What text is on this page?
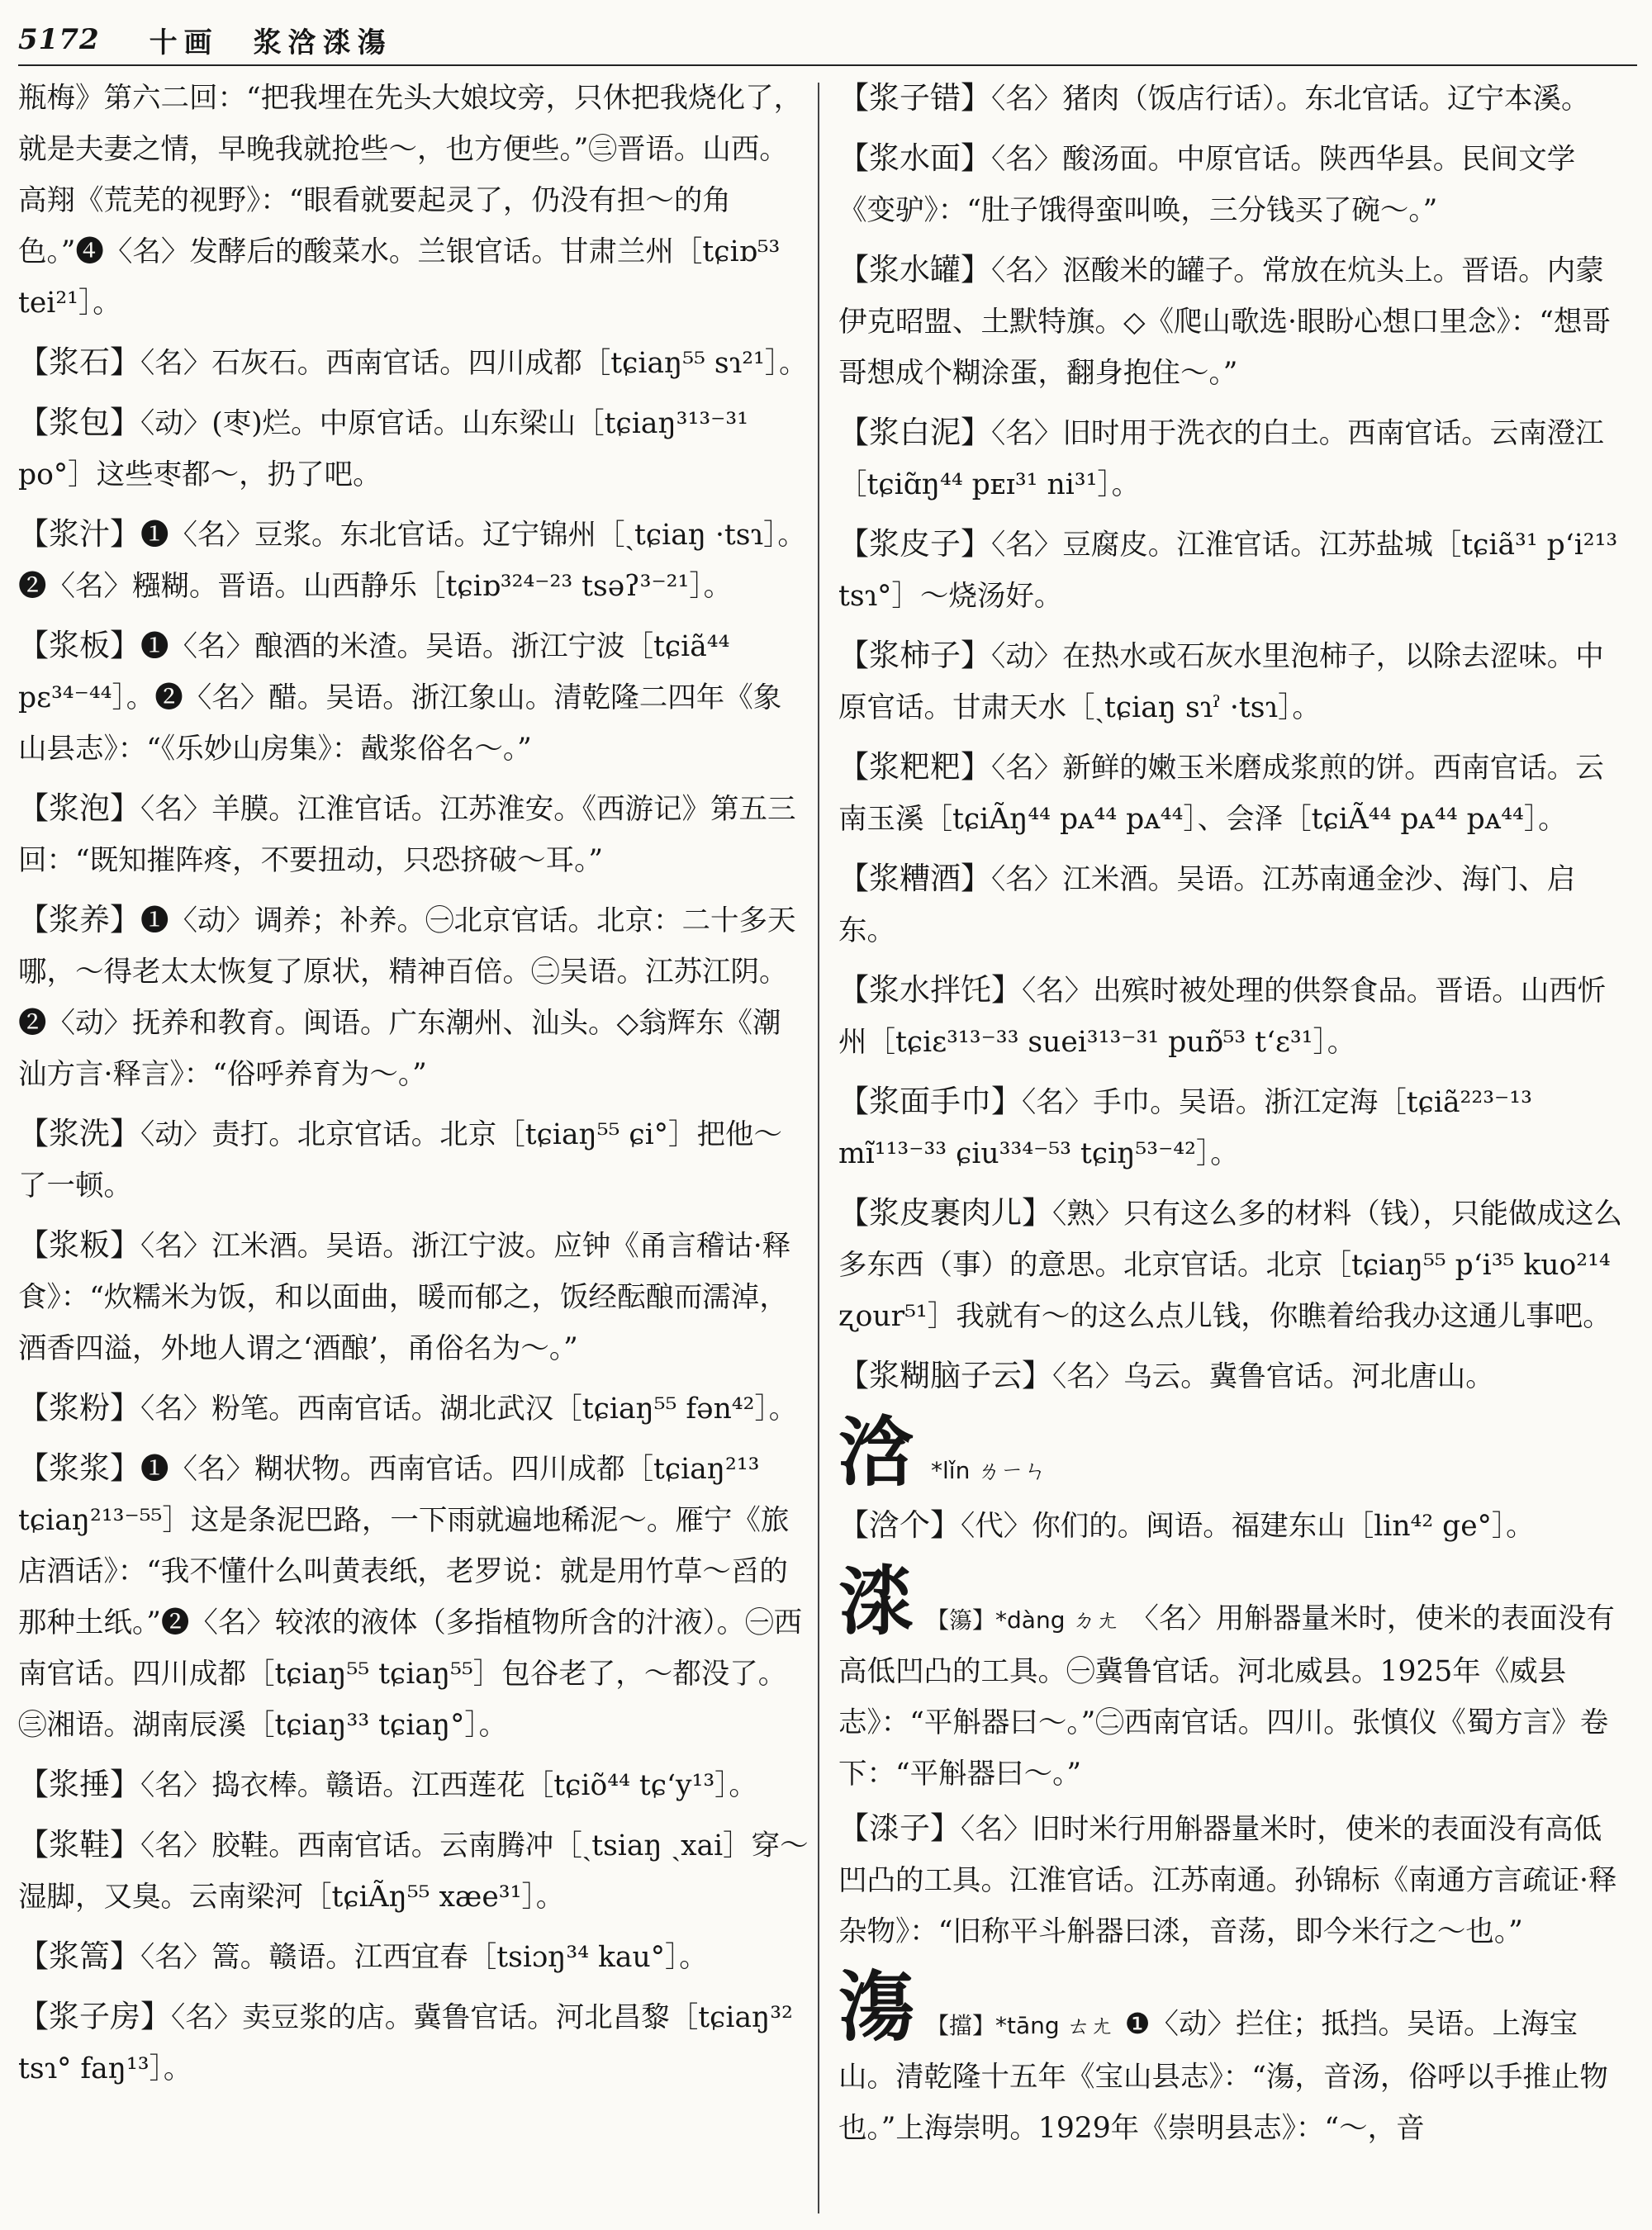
5172 十画　浆浛渁漡

瓶梅》第六二回：“把我埋在先头大娘坟旁，只休把我烧化了，就是夫妻之情，早晚我就抢些～，也方便些。”㊂晋语。山西。高翔《荒芜的视野》：“眼看就要起灵了，仍没有担～的角色。”❹〈名〉发酵后的酸菜水。兰银官话。甘肃兰州［tɕiɒ⁵³ tei²¹］。

【浆石】〈名〉石灰石。西南官话。四川成都［tɕiaŋ⁵⁵ sɿ²¹］。

【浆包】〈动〉(枣)烂。中原官话。山东梁山［tɕiaŋ³¹³⁻³¹ po°］这些枣都～，扔了吧。

【浆汁】❶〈名〉豆浆。东北官话。辽宁锦州［ˏtɕiaŋ ·tsɿ］。❷〈名〉糨糊。晋语。山西静乐［tɕiɒ³²⁴⁻²³ tsəʔ³⁻²¹］。

【浆板】❶〈名〉酿酒的米渣。吴语。浙江宁波［tɕiã⁴⁴ pɛ³⁴⁻⁴⁴］。❷〈名〉醋。吴语。浙江象山。清乾隆二四年《象山县志》：“《乐妙山房集》：酨浆俗名～。”

【浆泡】〈名〉羊膜。江淮官话。江苏淮安。《西游记》第五三回：“既知摧阵疼，不要扭动，只恐挤破～耳。”

【浆养】❶〈动〉调养；补养。㊀北京官话。北京：二十多天哪，～得老太太恢复了原状，精神百倍。㊁吴语。江苏江阴。❷〈动〉抚养和教育。闽语。广东潮州、汕头。◇翁辉东《潮汕方言·释言》：“俗呼养育为～。”

【浆洗】〈动〉责打。北京官话。北京［tɕiaŋ⁵⁵ ɕi°］把他～了一顿。

【浆粄】〈名〉江米酒。吴语。浙江宁波。应钟《甬言稽诂·释食》：“炊糯米为饭，和以面曲，暖而郁之，饭经酝酿而濡淖，酒香四溢，外地人谓之‘酒酿’，甬俗名为～。”

【浆粉】〈名〉粉笔。西南官话。湖北武汉［tɕiaŋ⁵⁵ fən⁴²］。

【浆浆】❶〈名〉糊状物。西南官话。四川成都［tɕiaŋ²¹³ tɕiaŋ²¹³⁻⁵⁵］这是条泥巴路，一下雨就遍地稀泥～。雁宁《旅店酒话》：“我不懂什么叫黄表纸，老罗说：就是用竹草～舀的那种土纸。”❷〈名〉较浓的液体（多指植物所含的汁液）。㊀西南官话。四川成都［tɕiaŋ⁵⁵ tɕiaŋ⁵⁵］包谷老了，～都没了。㊂湘语。湖南辰溪［tɕiaŋ³³ tɕiaŋ°］。

【浆捶】〈名〉捣衣棒。赣语。江西莲花［tɕiõ⁴⁴ tɕʻy¹³］。

【浆鞋】〈名〉胶鞋。西南官话。云南腾冲［ˏtsiaŋ ˏxai］穿～湿脚，又臭。云南梁河［tɕiÃŋ⁵⁵ xæe³¹］。

【浆篙】〈名〉篙。赣语。江西宜春［tsiɔŋ³⁴ kau°］。

【浆子房】〈名〉卖豆浆的店。冀鲁官话。河北昌黎［tɕiaŋ³² tsɿ° faŋ¹³］。

【浆子错】〈名〉猪肉（饭店行话）。东北官话。辽宁本溪。

【浆水面】〈名〉酸汤面。中原官话。陕西华县。民间文学《变驴》：“肚子饿得蛮叫唤，三分钱买了碗～。”

【浆水罐】〈名〉沤酸米的罐子。常放在炕头上。晋语。内蒙伊克昭盟、土默特旗。◇《爬山歌选·眼盼心想口里念》：“想哥哥想成个糊涂蛋，翻身抱住～。”

【浆白泥】〈名〉旧时用于洗衣的白土。西南官话。云南澄江［tɕiɑ̃ŋ⁴⁴ pᴇɪ³¹ ni³¹］。

【浆皮子】〈名〉豆腐皮。江淮官话。江苏盐城［tɕiã³¹ pʻi²¹³ tsɿ°］～烧汤好。

【浆柿子】〈动〉在热水或石灰水里泡柿子，以除去涩味。中原官话。甘肃天水［ˏtɕiaŋ sɿˀ ·tsɿ］。

【浆粑粑】〈名〉新鲜的嫩玉米磨成浆煎的饼。西南官话。云南玉溪［tɕiÃŋ⁴⁴ pᴀ⁴⁴ pᴀ⁴⁴］、会泽［tɕiÃ⁴⁴ pᴀ⁴⁴ pᴀ⁴⁴］。

【浆糟酒】〈名〉江米酒。吴语。江苏南通金沙、海门、启东。

【浆水拌饦】〈名〉出殡时被处理的供祭食品。晋语。山西忻州［tɕiɛ³¹³⁻³³ suei³¹³⁻³¹ puɒ̃⁵³ tʻɛ³¹］。

【浆面手巾】〈名〉手巾。吴语。浙江定海［tɕiã²²³⁻¹³ mĩ¹¹³⁻³³ ɕiu³³⁴⁻⁵³ tɕiŋ⁵³⁻⁴²］。

【浆皮裹肉儿】〈熟〉只有这么多的材料（钱），只能做成这么多东西（事）的意思。北京官话。北京［tɕiaŋ⁵⁵ pʻi³⁵ kuo²¹⁴ ʐour⁵¹］我就有～的这么点儿钱，你瞧着给我办这通儿事吧。

【浆糊脑子云】〈名〉乌云。冀鲁官话。河北唐山。

浛 *lǐn ㄌㄧㄣ

【浛个】〈代〉你们的。闽语。福建东山［lin⁴² ge°］。

渁 【簜】*dàng ㄉㄤ 〈名〉用斛器量米时，使米的表面没有高低凹凸的工具。㊀冀鲁官话。河北威县。1925年《威县志》：“平斛器曰～。”㊁西南官话。四川。张慎仪《蜀方言》卷下：“平斛器曰～。”

【渁子】〈名〉旧时米行用斛器量米时，使米的表面没有高低凹凸的工具。江淮官话。江苏南通。孙锦标《南通方言疏证·释杂物》：“旧称平斗斛器曰渁，音荡，即今米行之～也。”

漡 【擋】*tāng ㄊㄤ ❶〈动〉拦住；抵挡。吴语。上海宝山。清乾隆十五年《宝山县志》：“漡，音汤，俗呼以手推止物也。”上海崇明。1929年《崇明县志》：“～，音
